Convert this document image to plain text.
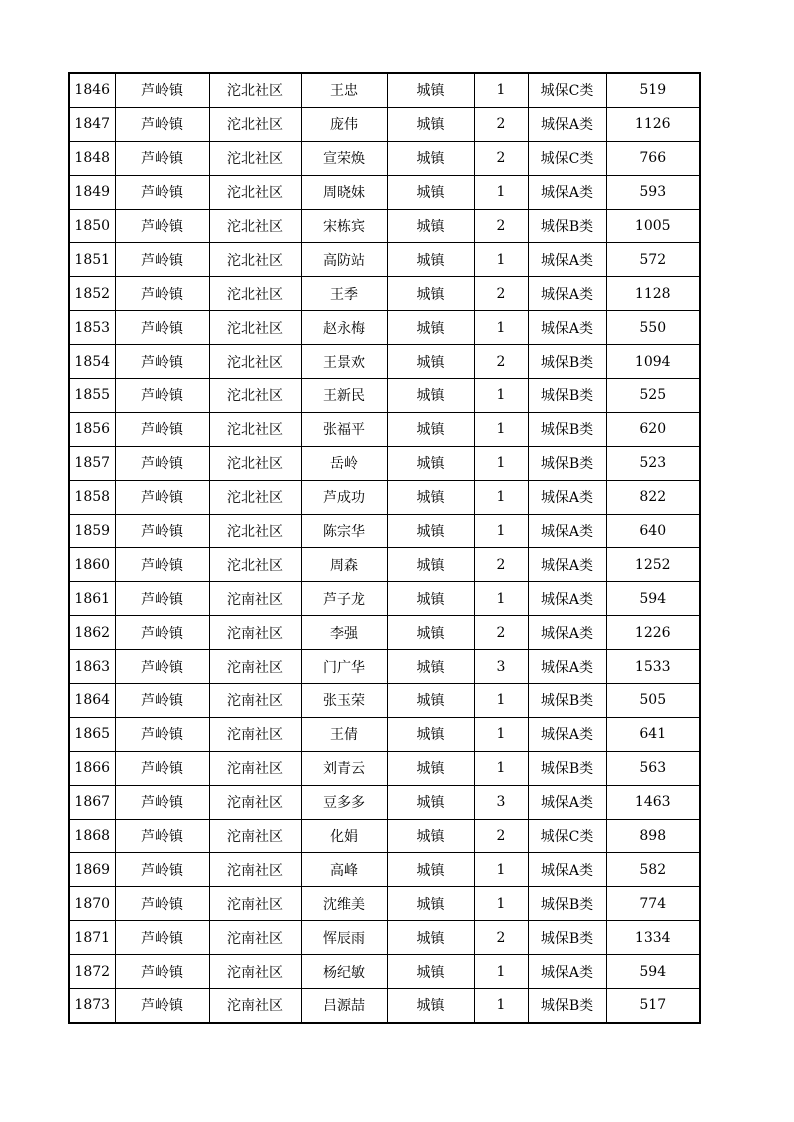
1846	芦岭镇	沱北社区	王忠	城镇	1	城保C类	519
1847	芦岭镇	沱北社区	庞伟	城镇	2	城保A类	1126
1848	芦岭镇	沱北社区	宣荣焕	城镇	2	城保C类	766
1849	芦岭镇	沱北社区	周晓妹	城镇	1	城保A类	593
1850	芦岭镇	沱北社区	宋栋宾	城镇	2	城保B类	1005
1851	芦岭镇	沱北社区	高防站	城镇	1	城保A类	572
1852	芦岭镇	沱北社区	王季	城镇	2	城保A类	1128
1853	芦岭镇	沱北社区	赵永梅	城镇	1	城保A类	550
1854	芦岭镇	沱北社区	王景欢	城镇	2	城保B类	1094
1855	芦岭镇	沱北社区	王新民	城镇	1	城保B类	525
1856	芦岭镇	沱北社区	张福平	城镇	1	城保B类	620
1857	芦岭镇	沱北社区	岳岭	城镇	1	城保B类	523
1858	芦岭镇	沱北社区	芦成功	城镇	1	城保A类	822
1859	芦岭镇	沱北社区	陈宗华	城镇	1	城保A类	640
1860	芦岭镇	沱北社区	周森	城镇	2	城保A类	1252
1861	芦岭镇	沱南社区	芦子龙	城镇	1	城保A类	594
1862	芦岭镇	沱南社区	李强	城镇	2	城保A类	1226
1863	芦岭镇	沱南社区	门广华	城镇	3	城保A类	1533
1864	芦岭镇	沱南社区	张玉荣	城镇	1	城保B类	505
1865	芦岭镇	沱南社区	王倩	城镇	1	城保A类	641
1866	芦岭镇	沱南社区	刘青云	城镇	1	城保B类	563
1867	芦岭镇	沱南社区	豆多多	城镇	3	城保A类	1463
1868	芦岭镇	沱南社区	化娟	城镇	2	城保C类	898
1869	芦岭镇	沱南社区	高峰	城镇	1	城保A类	582
1870	芦岭镇	沱南社区	沈维美	城镇	1	城保B类	774
1871	芦岭镇	沱南社区	恽辰雨	城镇	2	城保B类	1334
1872	芦岭镇	沱南社区	杨纪敏	城镇	1	城保A类	594
1873	芦岭镇	沱南社区	吕源喆	城镇	1	城保B类	517
